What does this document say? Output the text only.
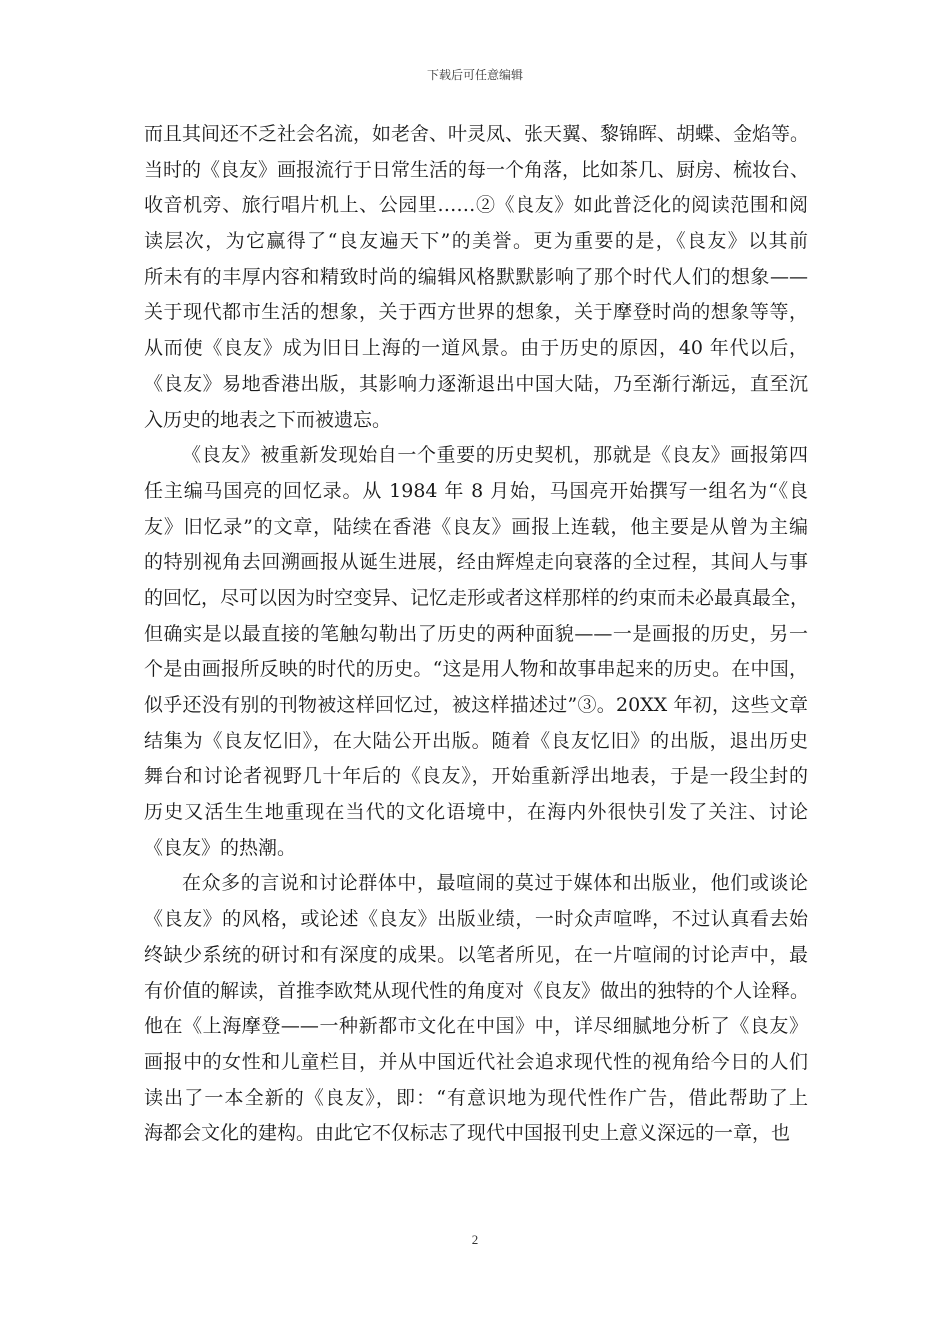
下载后可任意编辑
而且其间还不乏社会名流，如老舍、叶灵凤、张天翼、黎锦晖、胡蝶、金焰等。
当时的《良友》画报流行于日常生活的每一个角落，比如茶几、厨房、梳妆台、
收音机旁、旅行唱片机上、公园里……②《良友》如此普泛化的阅读范围和阅
读层次，为它赢得了“良友遍天下”的美誉。更为重要的是，《良友》以其前
所未有的丰厚内容和精致时尚的编辑风格默默影响了那个时代人们的想象——
关于现代都市生活的想象，关于西方世界的想象，关于摩登时尚的想象等等，
从而使《良友》成为旧日上海的一道风景。由于历史的原因，40 年代以后，
《良友》易地香港出版，其影响力逐渐退出中国大陆，乃至渐行渐远，直至沉
入历史的地表之下而被遗忘。
《良友》被重新发现始自一个重要的历史契机，那就是《良友》画报第四
任主编马国亮的回忆录。从 1984 年 8 月始，马国亮开始撰写一组名为“《良
友》旧忆录”的文章，陆续在香港《良友》画报上连载，他主要是从曾为主编
的特别视角去回溯画报从诞生进展，经由辉煌走向衰落的全过程，其间人与事
的回忆，尽可以因为时空变异、记忆走形或者这样那样的约束而未必最真最全，
但确实是以最直接的笔触勾勒出了历史的两种面貌——一是画报的历史，另一
个是由画报所反映的时代的历史。“这是用人物和故事串起来的历史。在中国，
似乎还没有别的刊物被这样回忆过，被这样描述过”③。20XX 年初，这些文章
结集为《良友忆旧》，在大陆公开出版。随着《良友忆旧》的出版，退出历史
舞台和讨论者视野几十年后的《良友》，开始重新浮出地表，于是一段尘封的
历史又活生生地重现在当代的文化语境中，在海内外很快引发了关注、讨论
《良友》的热潮。
在众多的言说和讨论群体中，最喧闹的莫过于媒体和出版业，他们或谈论
《良友》的风格，或论述《良友》出版业绩，一时众声喧哗，不过认真看去始
终缺少系统的研讨和有深度的成果。以笔者所见，在一片喧闹的讨论声中，最
有价值的解读，首推李欧梵从现代性的角度对《良友》做出的独特的个人诠释。
他在《上海摩登——一种新都市文化在中国》中，详尽细腻地分析了《良友》
画报中的女性和儿童栏目，并从中国近代社会追求现代性的视角给今日的人们
读出了一本全新的《良友》，即：“有意识地为现代性作广告，借此帮助了上
海都会文化的建构。由此它不仅标志了现代中国报刊史上意义深远的一章，也
2
